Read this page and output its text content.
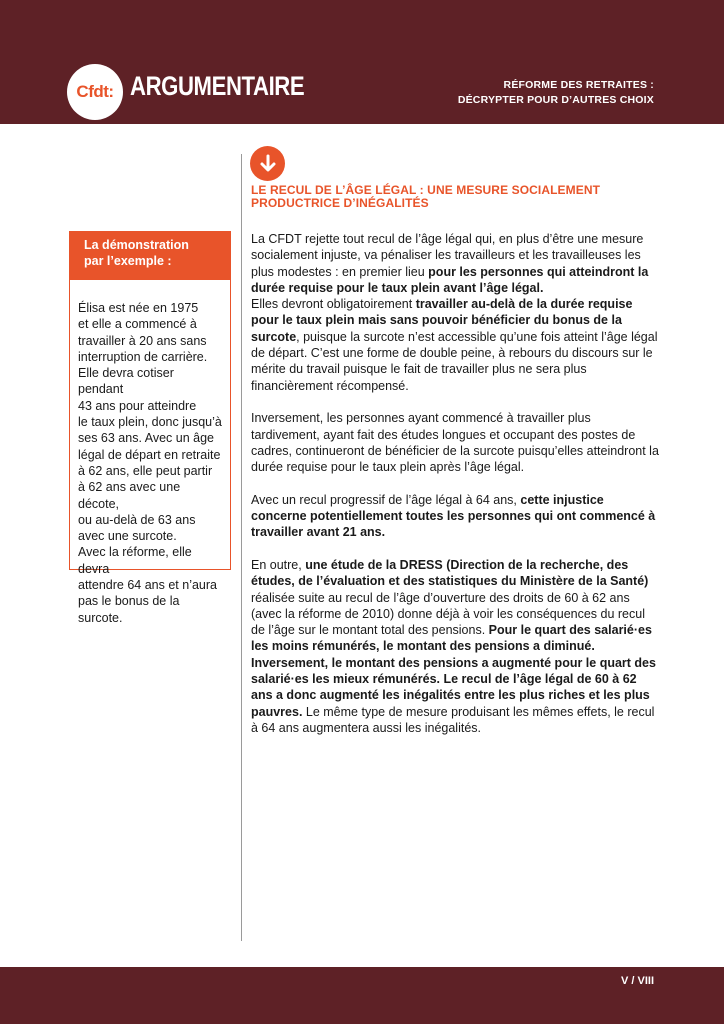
Cfdt: ARGUMENTAIRE	RÉFORME DES RETRAITES :
DÉCRYPTER POUR D’AUTRES CHOIX
LE RECUL DE L’ÂGE LÉGAL : UNE MESURE SOCIALEMENT
PRODUCTRICE D’INÉGALITÉS
La démonstration
par l’exemple :
Élisa est née en 1975
et elle a commencé à
travailler à 20 ans sans
interruption de carrière.
Elle devra cotiser pendant
43 ans pour atteindre
le taux plein, donc jusqu’à
ses 63 ans. Avec un âge
légal de départ en retraite
à 62 ans, elle peut partir
à 62 ans avec une décote,
ou au-delà de 63 ans
avec une surcote.
Avec la réforme, elle devra
attendre 64 ans et n’aura
pas le bonus de la surcote.

La CFDT rejette tout recul de l’âge légal qui, en plus d’être une mesure socialement injuste, va pénaliser les travailleurs et les travailleuses les plus modestes : en premier lieu pour les personnes qui atteindront la durée requise pour le taux plein avant l’âge légal.
Elles devront obligatoirement travailler au-delà de la durée requise pour le taux plein mais sans pouvoir bénéficier du bonus de la surcote, puisque la surcote n’est accessible qu’une fois atteint l’âge légal de départ. C’est une forme de double peine, à rebours du discours sur le mérite du travail puisque le fait de travailler plus ne sera plus financièrement récompensé.

Inversement, les personnes ayant commencé à travailler plus tardivement, ayant fait des études longues et occupant des postes de cadres, continueront de bénéficier de la surcote puisqu’elles atteindront la durée requise pour le taux plein après l’âge légal.

Avec un recul progressif de l’âge légal à 64 ans, cette injustice concerne potentiellement toutes les personnes qui ont commencé à travailler avant 21 ans.

En outre, une étude de la DRESS (Direction de la recherche, des études, de l’évaluation et des statistiques du Ministère de la Santé) réalisée suite au recul de l’âge d’ouverture des droits de 60 à 62 ans (avec la réforme de 2010) donne déjà à voir les conséquences du recul de l’âge sur le montant total des pensions. Pour le quart des salarié·es les moins rémunérés, le montant des pensions a diminué. Inversement, le montant des pensions a augmenté pour le quart des salarié·es les mieux rémunérés. Le recul de l’âge légal de 60 à 62 ans a donc augmenté les inégalités entre les plus riches et les plus pauvres. Le même type de mesure produisant les mêmes effets, le recul à 64 ans augmentera aussi les inégalités.

V / VIII
